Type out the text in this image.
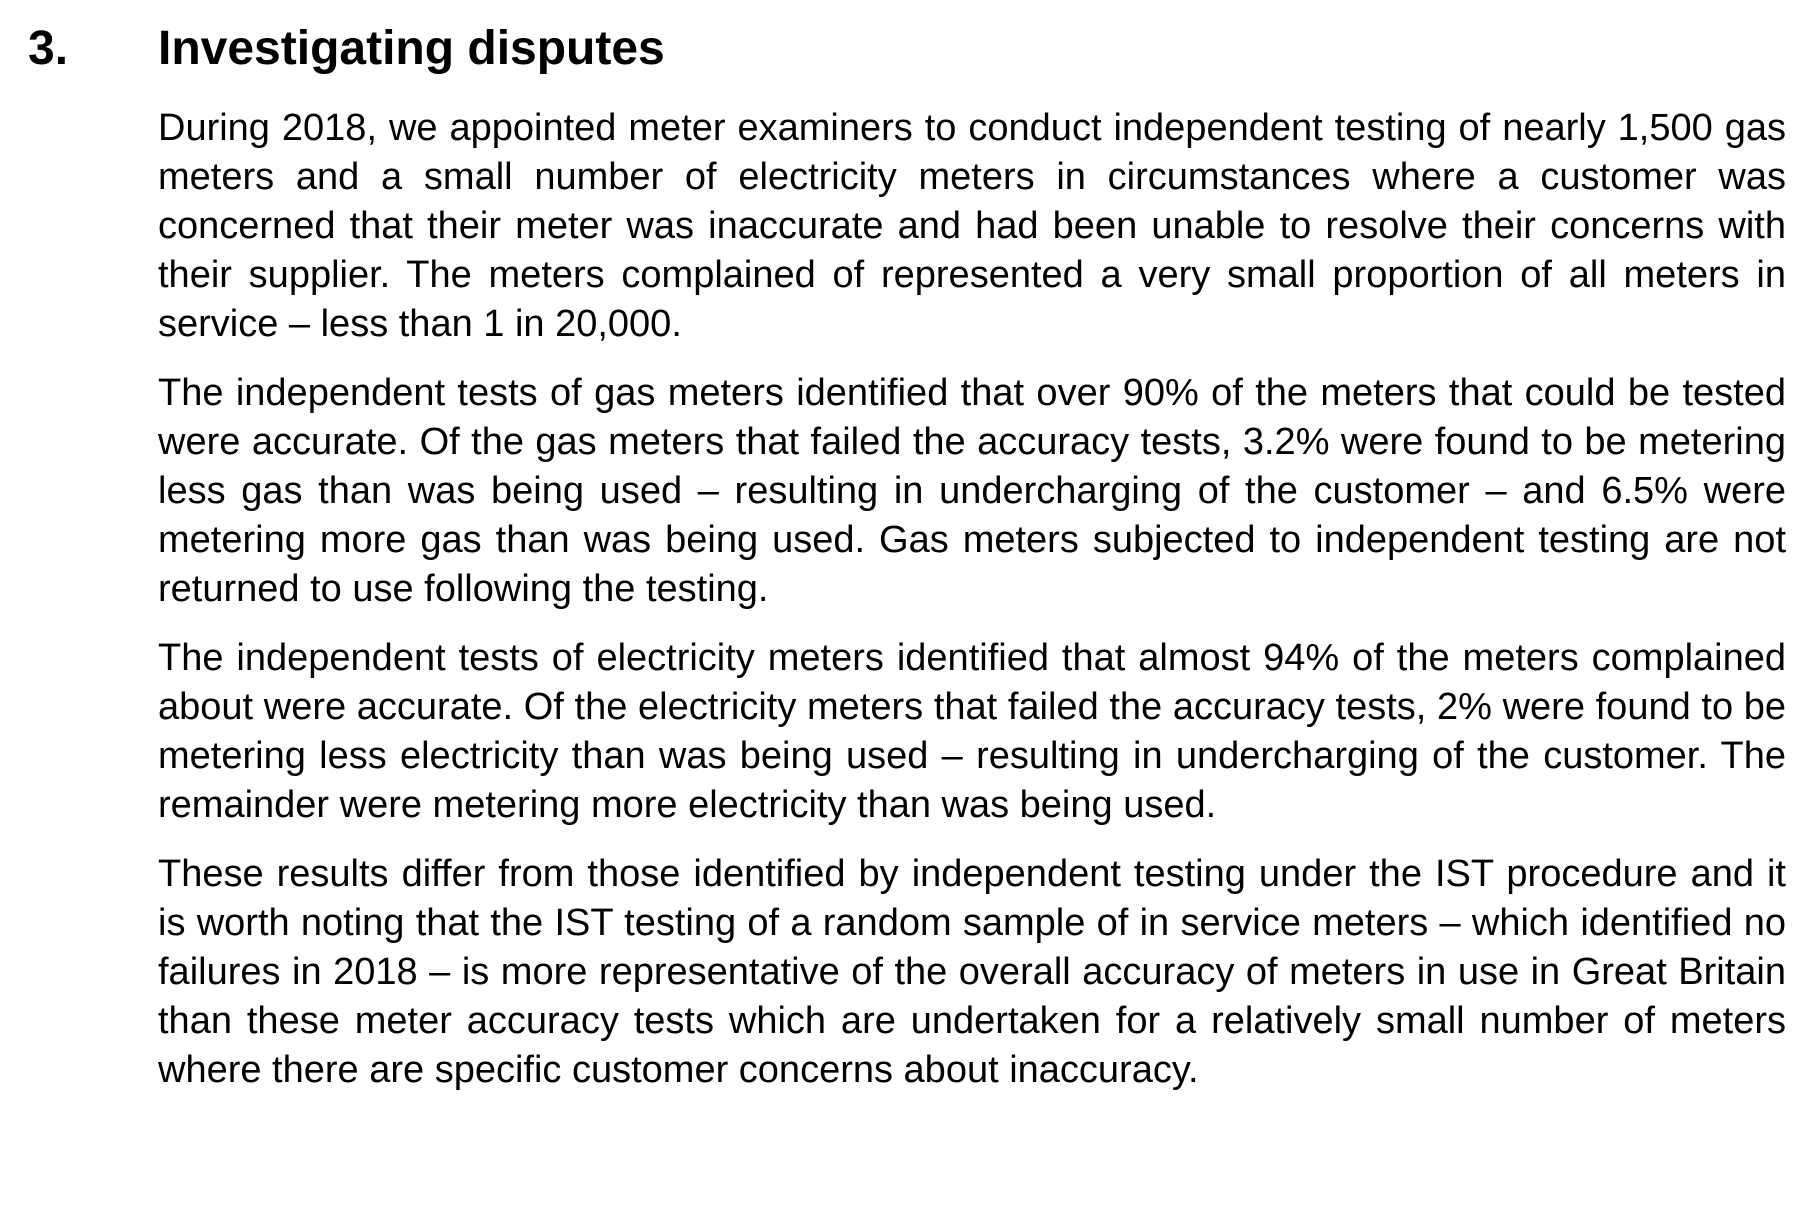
3. Investigating disputes

During 2018, we appointed meter examiners to conduct independent testing of nearly 1,500 gas meters and a small number of electricity meters in circumstances where a customer was concerned that their meter was inaccurate and had been unable to resolve their concerns with their supplier. The meters complained of represented a very small proportion of all meters in service – less than 1 in 20,000.

The independent tests of gas meters identified that over 90% of the meters that could be tested were accurate. Of the gas meters that failed the accuracy tests, 3.2% were found to be metering less gas than was being used – resulting in undercharging of the customer – and 6.5% were metering more gas than was being used. Gas meters subjected to independent testing are not returned to use following the testing.

The independent tests of electricity meters identified that almost 94% of the meters complained about were accurate. Of the electricity meters that failed the accuracy tests, 2% were found to be metering less electricity than was being used – resulting in undercharging of the customer. The remainder were metering more electricity than was being used.

These results differ from those identified by independent testing under the IST procedure and it is worth noting that the IST testing of a random sample of in service meters – which identified no failures in 2018 – is more representative of the overall accuracy of meters in use in Great Britain than these meter accuracy tests which are undertaken for a relatively small number of meters where there are specific customer concerns about inaccuracy.
